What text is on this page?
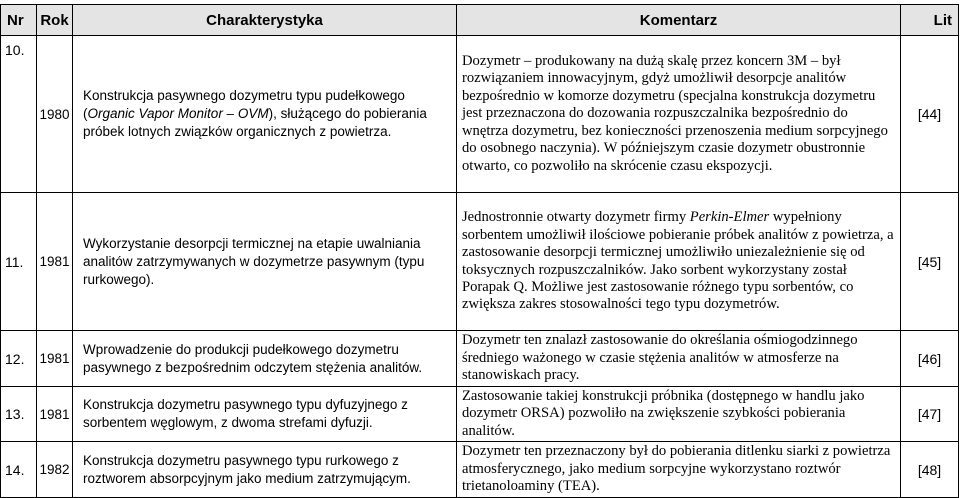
Nr	Rok	Charakterystyka	Komentarz	Lit
10.	1980	Konstrukcja pasywnego dozymetru typu pudełkowego (Organic Vapor Monitor – OVM), służącego do pobierania próbek lotnych związków organicznych z powietrza.	Dozymetr – produkowany na dużą skalę przez koncern 3M – był rozwiązaniem innowacyjnym, gdyż umożliwił desorpcje analitów bezpośrednio w komorze dozymetru (specjalna konstrukcja dozymetru jest przeznaczona do dozowania rozpuszczalnika bezpośrednio do wnętrza dozymetru, bez konieczności przenoszenia medium sorpcyjnego do osobnego naczynia). W późniejszym czasie dozymetr obustronnie otwarto, co pozwoliło na skrócenie czasu ekspozycji.	[44]
11.	1981	Wykorzystanie desorpcji termicznej na etapie uwalniania analitów zatrzymywanych w dozymetrze pasywnym (typu rurkowego).	Jednostronnie otwarty dozymetr firmy Perkin-Elmer wypełniony sorbentem umożliwił ilościowe pobieranie próbek analitów z powietrza, a zastosowanie desorpcji termicznej umożliwiło uniezależnienie się od toksycznych rozpuszczalników. Jako sorbent wykorzystany został Porapak Q. Możliwe jest zastosowanie różnego typu sorbentów, co zwiększa zakres stosowalności tego typu dozymetrów.	[45]
12.	1981	Wprowadzenie do produkcji pudełkowego dozymetru pasywnego z bezpośrednim odczytem stężenia analitów.	Dozymetr ten znalazł zastosowanie do określania ośmiogodzinnego średniego ważonego w czasie stężenia analitów w atmosferze na stanowiskach pracy.	[46]
13.	1981	Konstrukcja dozymetru pasywnego typu dyfuzyjnego z sorbentem węglowym, z dwoma strefami dyfuzji.	Zastosowanie takiej konstrukcji próbnika (dostępnego w handlu jako dozymetr ORSA) pozwoliło na zwiększenie szybkości pobierania analitów.	[47]
14.	1982	Konstrukcja dozymetru pasywnego typu rurkowego z roztworem absorpcyjnym jako medium zatrzymującym.	Dozymetr ten przeznaczony był do pobierania ditlenku siarki z powietrza atmosferycznego, jako medium sorpcyjne wykorzystano roztwór trietanoloaminy (TEA).	[48]
